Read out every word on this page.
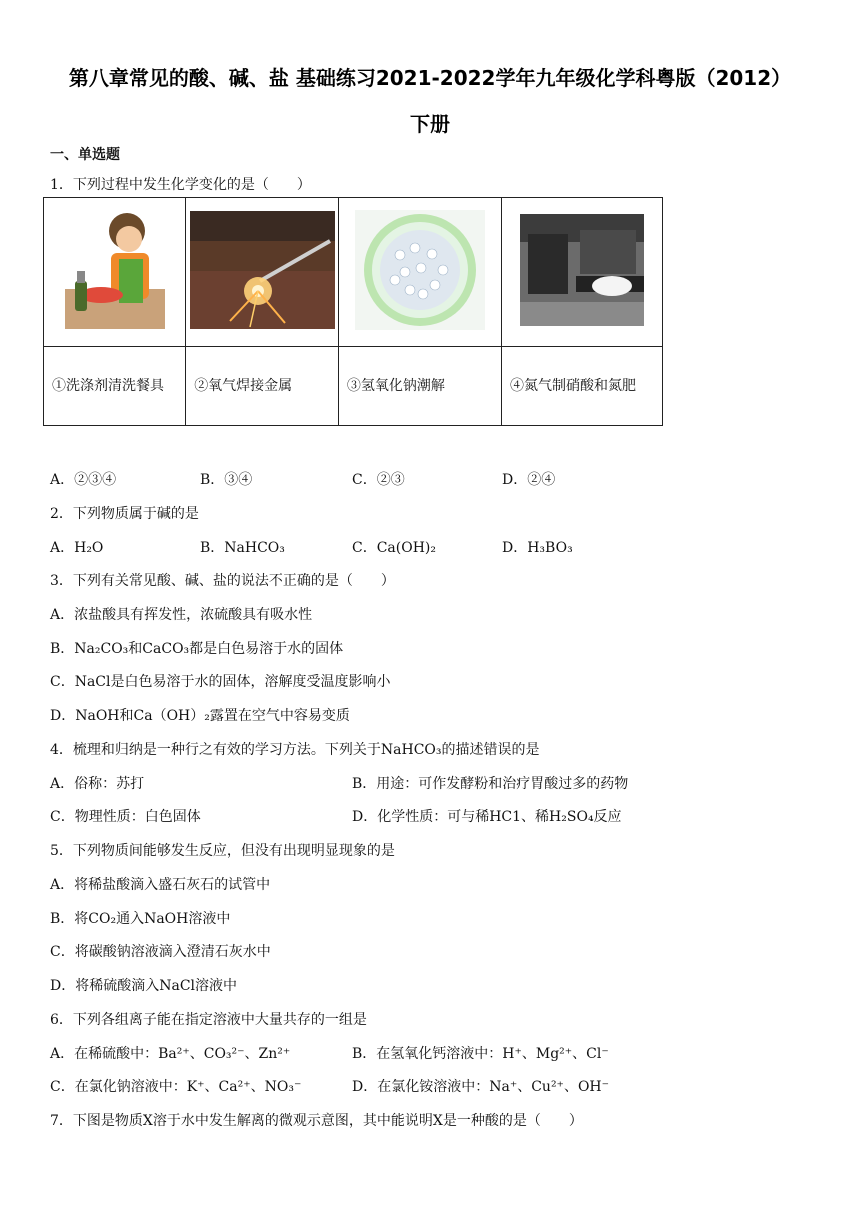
第八章常见的酸、碱、盐 基础练习2021-2022学年九年级化学科粤版（2012）
下册
一、单选题
1．下列过程中发生化学变化的是（　　）

①洗涤剂清洗餐具	②氧气焊接金属	③氢氧化钠潮解	④氮气制硝酸和氮肥
A．②③④	B．③④	C．②③	D．②④
2．下列物质属于碱的是
A．H₂O	B．NaHCO₃	C．Ca(OH)₂	D．H₃BO₃
3．下列有关常见酸、碱、盐的说法不正确的是（　　）
A．浓盐酸具有挥发性，浓硫酸具有吸水性
B．Na₂CO₃和CaCO₃都是白色易溶于水的固体
C．NaCl是白色易溶于水的固体，溶解度受温度影响小
D．NaOH和Ca（OH）₂露置在空气中容易变质
4．梳理和归纳是一种行之有效的学习方法。下列关于NaHCO₃的描述错误的是
A．俗称：苏打	B．用途：可作发酵粉和治疗胃酸过多的药物
C．物理性质：白色固体	D．化学性质：可与稀HC1、稀H₂SO₄反应
5．下列物质间能够发生反应，但没有出现明显现象的是
A．将稀盐酸滴入盛石灰石的试管中
B．将CO₂通入NaOH溶液中
C．将碳酸钠溶液滴入澄清石灰水中
D．将稀硫酸滴入NaCl溶液中
6．下列各组离子能在指定溶液中大量共存的一组是
A．在稀硫酸中：Ba²⁺、CO₃²⁻、Zn²⁺	B．在氢氧化钙溶液中：H⁺、Mg²⁺、Cl⁻
C．在氯化钠溶液中：K⁺、Ca²⁺、NO₃⁻	D．在氯化铵溶液中：Na⁺、Cu²⁺、OH⁻
7．下图是物质X溶于水中发生解离的微观示意图，其中能说明X是一种酸的是（　　）
